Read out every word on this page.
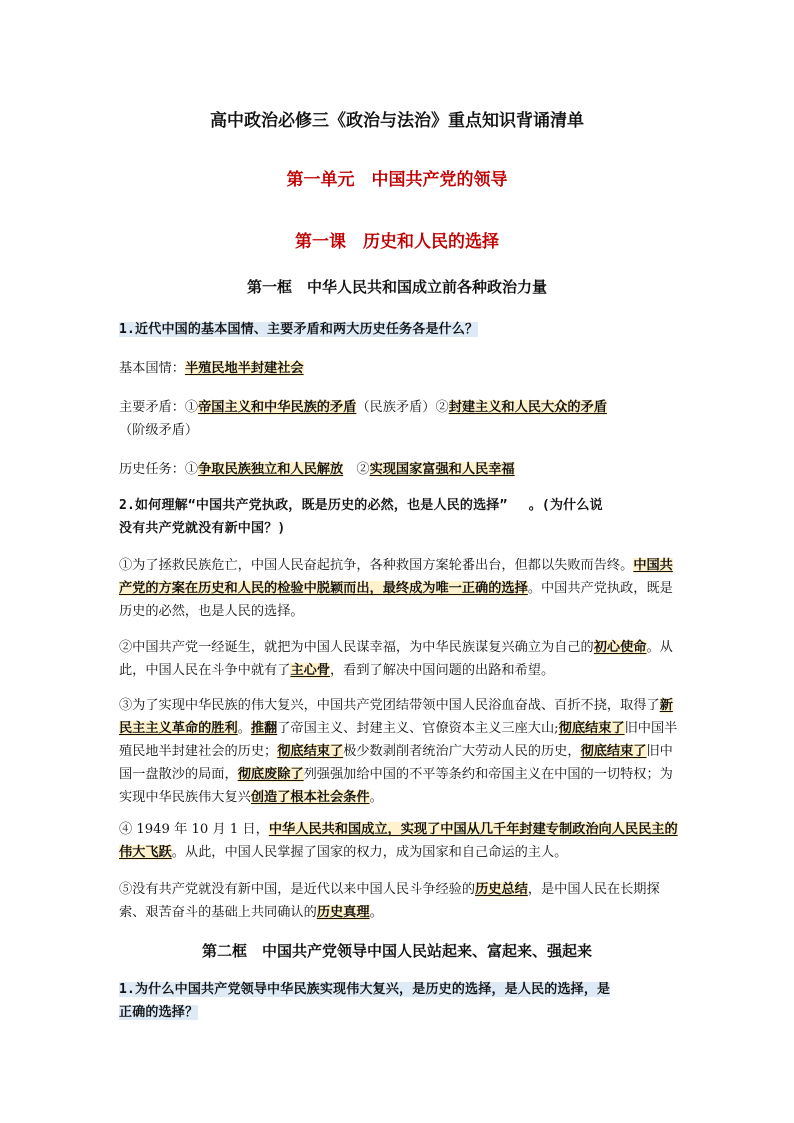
高中政治必修三《政治与法治》重点知识背诵清单
第一单元　中国共产党的领导
第一课　历史和人民的选择
第一框　中华人民共和国成立前各种政治力量
1.近代中国的基本国情、主要矛盾和两大历史任务各是什么？
基本国情：半殖民地半封建社会
主要矛盾：①帝国主义和中华民族的矛盾（民族矛盾）②封建主义和人民大众的矛盾
（阶级矛盾）
历史任务：①争取民族独立和人民解放　②实现国家富强和人民幸福
2.如何理解“中国共产党执政，既是历史的必然，也是人民的选择”　 。(为什么说
没有共产党就没有新中国？)
①为了拯救民族危亡，中国人民奋起抗争，各种救国方案轮番出台，但都以失败而告终。中国共产党的方案在历史和人民的检验中脱颖而出，最终成为唯一正确的选择。中国共产党执政，既是历史的必然，也是人民的选择。
②中国共产党一经诞生，就把为中国人民谋幸福，为中华民族谋复兴确立为自己的初心使命。从此，中国人民在斗争中就有了主心骨，看到了解决中国问题的出路和希望。
③为了实现中华民族的伟大复兴，中国共产党团结带领中国人民浴血奋战、百折不挠，取得了新民主主义革命的胜利。推翻了帝国主义、封建主义、官僚资本主义三座大山;彻底结束了旧中国半殖民地半封建社会的历史；彻底结束了极少数剥削者统治广大劳动人民的历史，彻底结束了旧中国一盘散沙的局面，彻底废除了列强强加给中国的不平等条约和帝国主义在中国的一切特权；为实现中华民族伟大复兴创造了根本社会条件。
④ 1949 年 10 月 1 日，中华人民共和国成立，实现了中国从几千年封建专制政治向人民民主的伟大飞跃。从此，中国人民掌握了国家的权力，成为国家和自己命运的主人。
⑤没有共产党就没有新中国，是近代以来中国人民斗争经验的历史总结，是中国人民在长期探索、艰苦奋斗的基础上共同确认的历史真理。
第二框　中国共产党领导中国人民站起来、富起来、强起来
1.为什么中国共产党领导中华民族实现伟大复兴，是历史的选择，是人民的选择，是
正确的选择？
